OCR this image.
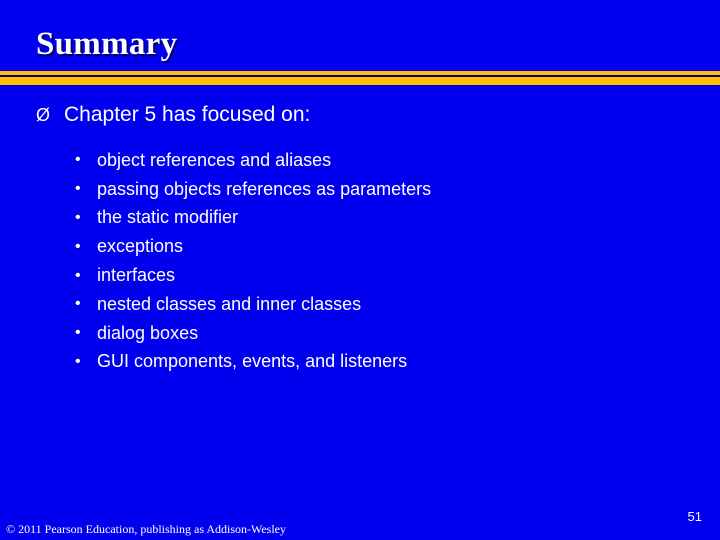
Summary
Ø Chapter 5 has focused on:
• object references and aliases
• passing objects references as parameters
• the static modifier
• exceptions
• interfaces
• nested classes and inner classes
• dialog boxes
• GUI components, events, and listeners
© 2011 Pearson Education, publishing as Addison-Wesley
51
